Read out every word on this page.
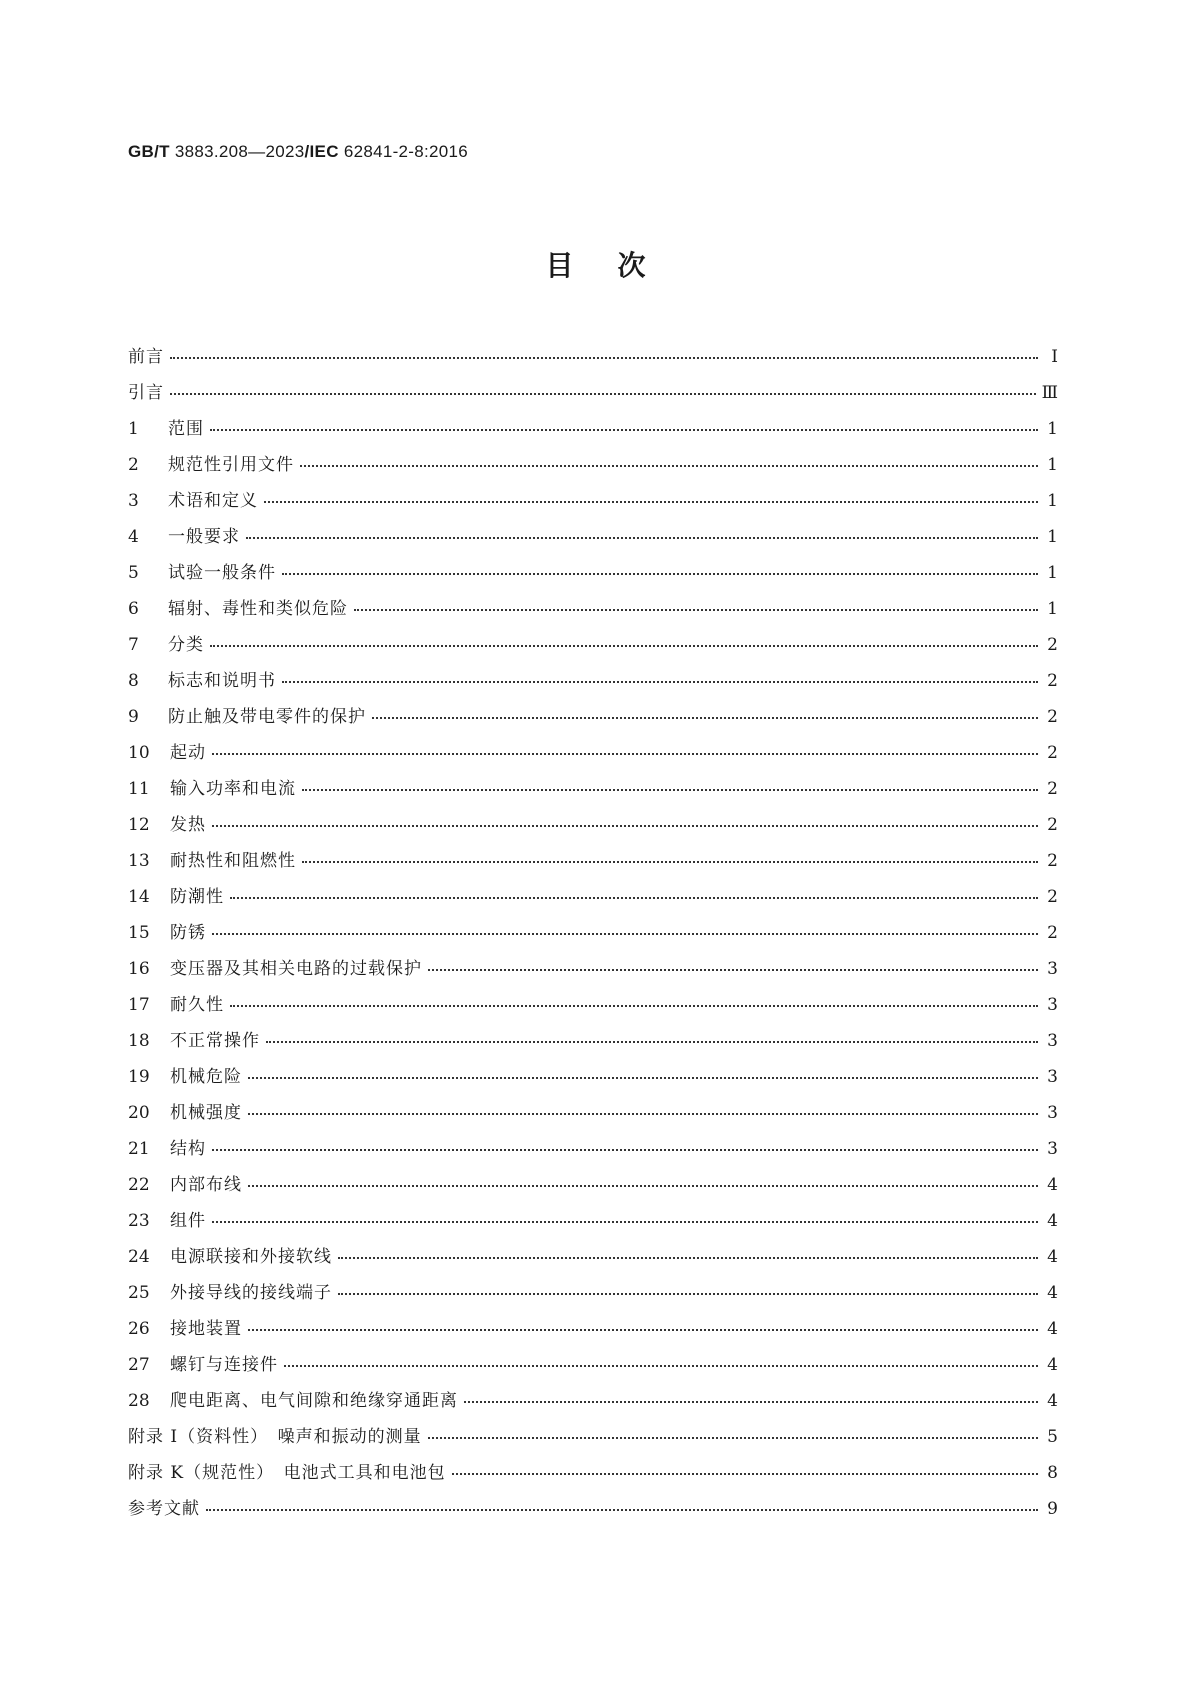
GB/T 3883.208—2023/IEC 62841-2-8:2016
目次
前言	Ⅰ
引言	Ⅲ
1	范围	1
2	规范性引用文件	1
3	术语和定义	1
4	一般要求	1
5	试验一般条件	1
6	辐射、毒性和类似危险	1
7	分类	2
8	标志和说明书	2
9	防止触及带电零件的保护	2
10	起动	2
11	输入功率和电流	2
12	发热	2
13	耐热性和阻燃性	2
14	防潮性	2
15	防锈	2
16	变压器及其相关电路的过载保护	3
17	耐久性	3
18	不正常操作	3
19	机械危险	3
20	机械强度	3
21	结构	3
22	内部布线	4
23	组件	4
24	电源联接和外接软线	4
25	外接导线的接线端子	4
26	接地装置	4
27	螺钉与连接件	4
28	爬电距离、电气间隙和绝缘穿通距离	4
附录 I（资料性）　噪声和振动的测量	5
附录 K（规范性）　电池式工具和电池包	8
参考文献	9
